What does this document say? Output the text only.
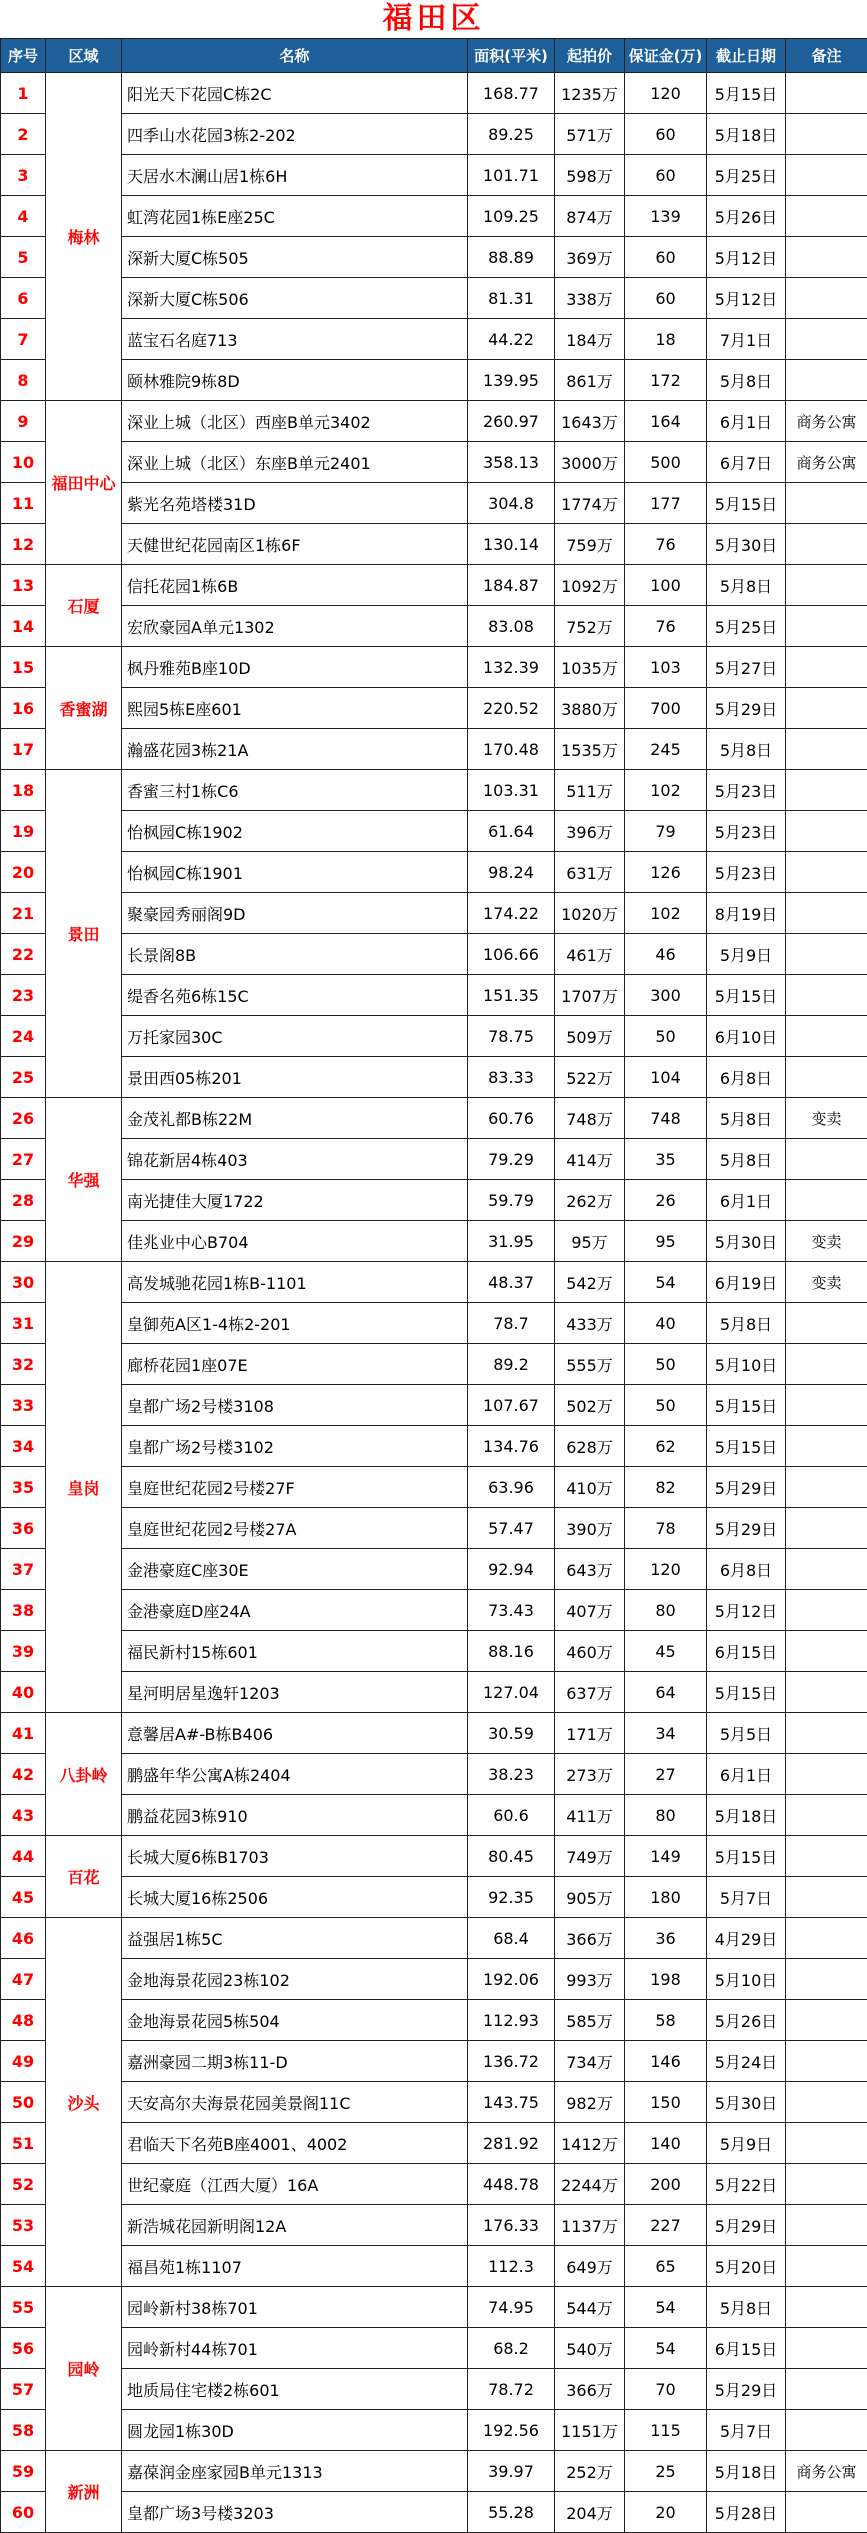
福田区
序号	区域	名称	面积(平米)	起拍价	保证金(万)	截止日期	备注
1	梅林	阳光天下花园C栋2C	168.77	1235万	120	5月15日	
2		四季山水花园3栋2-202	89.25	571万	60	5月18日	
3		天居水木澜山居1栋6H	101.71	598万	60	5月25日	
4		虹湾花园1栋E座25C	109.25	874万	139	5月26日	
5		深新大厦C栋505	88.89	369万	60	5月12日	
6		深新大厦C栋506	81.31	338万	60	5月12日	
7		蓝宝石名庭713	44.22	184万	18	7月1日	
8		颐林雅院9栋8D	139.95	861万	172	5月8日	
9	福田中心	深业上城（北区）西座B单元3402	260.97	1643万	164	6月1日	商务公寓
10		深业上城（北区）东座B单元2401	358.13	3000万	500	6月7日	商务公寓
11		紫光名苑塔楼31D	304.8	1774万	177	5月15日	
12		天健世纪花园南区1栋6F	130.14	759万	76	5月30日	
13	石厦	信托花园1栋6B	184.87	1092万	100	5月8日	
14		宏欣豪园A单元1302	83.08	752万	76	5月25日	
15	香蜜湖	枫丹雅苑B座10D	132.39	1035万	103	5月27日	
16		熙园5栋E座601	220.52	3880万	700	5月29日	
17		瀚盛花园3栋21A	170.48	1535万	245	5月8日	
18	景田	香蜜三村1栋C6	103.31	511万	102	5月23日	
19		怡枫园C栋1902	61.64	396万	79	5月23日	
20		怡枫园C栋1901	98.24	631万	126	5月23日	
21		聚豪园秀丽阁9D	174.22	1020万	102	8月19日	
22		长景阁8B	106.66	461万	46	5月9日	
23		缇香名苑6栋15C	151.35	1707万	300	5月15日	
24		万托家园30C	78.75	509万	50	6月10日	
25		景田西05栋201	83.33	522万	104	6月8日	
26	华强	金茂礼都B栋22M	60.76	748万	748	5月8日	变卖
27		锦花新居4栋403	79.29	414万	35	5月8日	
28		南光捷佳大厦1722	59.79	262万	26	6月1日	
29		佳兆业中心B704	31.95	95万	95	5月30日	变卖
30	皇岗	高发城驰花园1栋B-1101	48.37	542万	54	6月19日	变卖
31		皇御苑A区1-4栋2-201	78.7	433万	40	5月8日	
32		廊桥花园1座07E	89.2	555万	50	5月10日	
33		皇都广场2号楼3108	107.67	502万	50	5月15日	
34		皇都广场2号楼3102	134.76	628万	62	5月15日	
35		皇庭世纪花园2号楼27F	63.96	410万	82	5月29日	
36		皇庭世纪花园2号楼27A	57.47	390万	78	5月29日	
37		金港豪庭C座30E	92.94	643万	120	6月8日	
38		金港豪庭D座24A	73.43	407万	80	5月12日	
39		福民新村15栋601	88.16	460万	45	6月15日	
40		星河明居星逸轩1203	127.04	637万	64	5月15日	
41	八卦岭	意馨居A#-B栋B406	30.59	171万	34	5月5日	
42		鹏盛年华公寓A栋2404	38.23	273万	27	6月1日	
43		鹏益花园3栋910	60.6	411万	80	5月18日	
44	百花	长城大厦6栋B1703	80.45	749万	149	5月15日	
45		长城大厦16栋2506	92.35	905万	180	5月7日	
46	沙头	益强居1栋5C	68.4	366万	36	4月29日	
47		金地海景花园23栋102	192.06	993万	198	5月10日	
48		金地海景花园5栋504	112.93	585万	58	5月26日	
49		嘉洲豪园二期3栋11-D	136.72	734万	146	5月24日	
50		天安高尔夫海景花园美景阁11C	143.75	982万	150	5月30日	
51		君临天下名苑B座4001、4002	281.92	1412万	140	5月9日	
52		世纪豪庭（江西大厦）16A	448.78	2244万	200	5月22日	
53		新浩城花园新明阁12A	176.33	1137万	227	5月29日	
54		福昌苑1栋1107	112.3	649万	65	5月20日	
55	园岭	园岭新村38栋701	74.95	544万	54	5月8日	
56		园岭新村44栋701	68.2	540万	54	6月15日	
57		地质局住宅楼2栋601	78.72	366万	70	5月29日	
58		圆龙园1栋30D	192.56	1151万	115	5月7日	
59	新洲	嘉葆润金座家园B单元1313	39.97	252万	25	5月18日	商务公寓
60		皇都广场3号楼3203	55.28	204万	20	5月28日	
